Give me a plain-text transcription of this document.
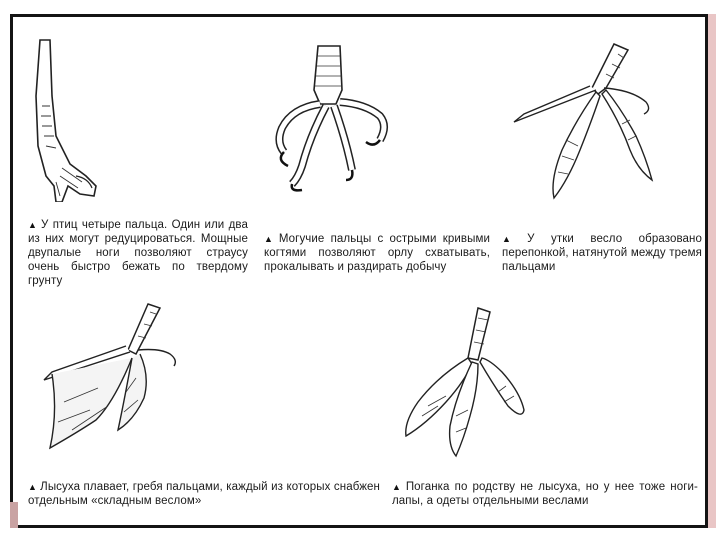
▲ У птиц четыре пальца. Один или два из них могут редуцироваться. Мощные двупалые ноги позволяют страусу очень быстро бежать по твердому грунту
▲ Могучие пальцы с острыми кривыми когтями позволяют орлу схватывать, прокалывать и раздирать добычу
▲ У утки весло образовано перепонкой, натянутой между тремя пальцами
▲ Лысуха плавает, гребя пальцами, каждый из которых снабжен отдельным «складным веслом»
▲ Поганка по родству не лысуха, но у нее тоже ноги-лапы, а одеты отдельными веслами
